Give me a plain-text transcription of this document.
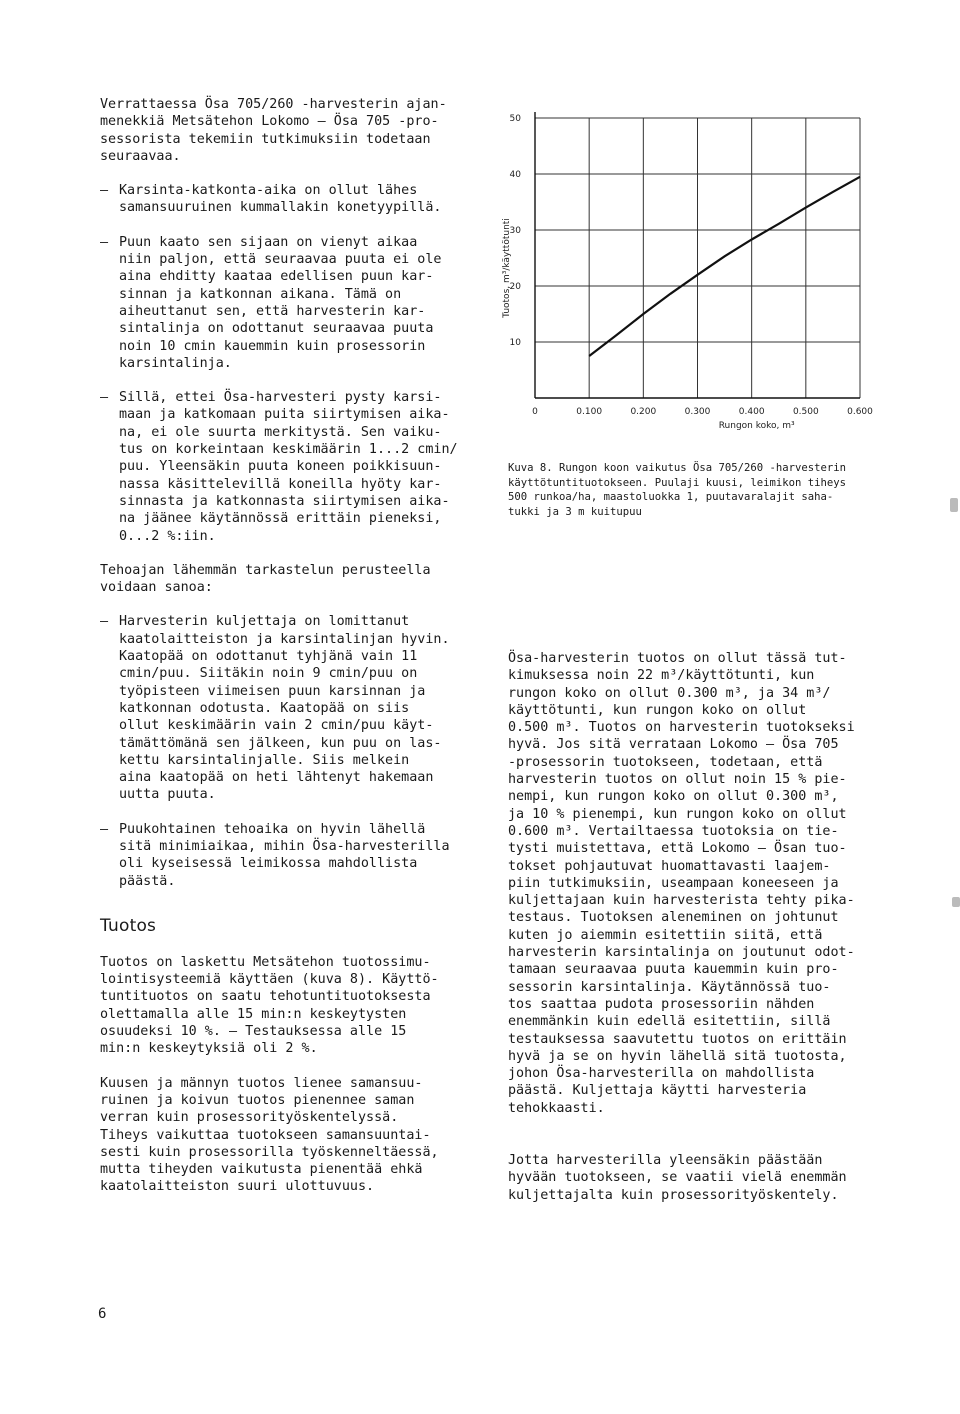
Verrattaessa Ösa 705/260 -harvesterin ajan-
menekkiä Metsätehon Lokomo — Ösa 705 -pro-
sessorista tekemiin tutkimuksiin todetaan
seuraavaa.

— Karsinta-katkonta-aika on ollut lähes
samansuuruinen kummallakin konetyypillä.

— Puun kaato sen sijaan on vienyt aikaa
niin paljon, että seuraavaa puuta ei ole
aina ehditty kaataa edellisen puun kar-
sinnan ja katkonnan aikana. Tämä on
aiheuttanut sen, että harvesterin kar-
sintalinja on odottanut seuraavaa puuta
noin 10 cmin kauemmin kuin prosessorin
karsintalinja.

— Sillä, ettei Ösa-harvesteri pysty karsi-
maan ja katkomaan puita siirtymisen aika-
na, ei ole suurta merkitystä. Sen vaiku-
tus on korkeintaan keskimäärin 1...2 cmin/
puu. Yleensäkin puuta koneen poikkisuun-
nassa käsittelevillä koneilla hyöty kar-
sinnasta ja katkonnasta siirtymisen aika-
na jäänee käytännössä erittäin pieneksi,
0...2 %:iin.

Tehoajan lähemmän tarkastelun perusteella
voidaan sanoa:

— Harvesterin kuljettaja on lomittanut
kaatolaitteiston ja karsintalinjan hyvin.
Kaatopää on odottanut tyhjänä vain 11
cmin/puu. Siitäkin noin 9 cmin/puu on
työpisteen viimeisen puun karsinnan ja
katkonnan odotusta. Kaatopää on siis
ollut keskimäärin vain 2 cmin/puu käyt-
tämättömänä sen jälkeen, kun puu on las-
kettu karsintalinjalle. Siis melkein
aina kaatopää on heti lähtenyt hakemaan
uutta puuta.

— Puukohtainen tehoaika on hyvin lähellä
sitä minimiaikaa, mihin Ösa-harvesterilla
oli kyseisessä leimikossa mahdollista
päästä.

Tuotos

Tuotos on laskettu Metsätehon tuotossimu-
lointisysteemiä käyttäen (kuva 8). Käyttö-
tuntituotos on saatu tehotuntituotoksesta
olettamalla alle 15 min:n keskeytysten
osuudeksi 10 %. — Testauksessa alle 15
min:n keskeytyksiä oli 2 %.

Kuusen ja männyn tuotos lienee samansuu-
ruinen ja koivun tuotos pienennee saman
verran kuin prosessorityöskentelyssä.
Tiheys vaikuttaa tuotokseen samansuuntai-
sesti kuin prosessorilla työskenneltäessä,
mutta tiheyden vaikutusta pienentää ehkä
kaatolaitteiston suuri ulottuvuus.

0	0.100	0.200	0.300	0.400	0.500	0.600
10
20
30
40
50
Rungon koko, m³
Tuotos, m³/käyttötunti

Kuva 8. Rungon koon vaikutus Ösa 705/260 -harvesterin
käyttötuntituotokseen. Puulaji kuusi, leimikon tiheys
500 runkoa/ha, maastoluokka 1, puutavaralajit saha-
tukki ja 3 m kuitupuu

Ösa-harvesterin tuotos on ollut tässä tut-
kimuksessa noin 22 m³/käyttötunti, kun
rungon koko on ollut 0.300 m³, ja 34 m³/
käyttötunti, kun rungon koko on ollut
0.500 m³. Tuotos on harvesterin tuotokseksi
hyvä. Jos sitä verrataan Lokomo — Ösa 705
-prosessorin tuotokseen, todetaan, että
harvesterin tuotos on ollut noin 15 % pie-
nempi, kun rungon koko on ollut 0.300 m³,
ja 10 % pienempi, kun rungon koko on ollut
0.600 m³. Vertailtaessa tuotoksia on tie-
tysti muistettava, että Lokomo — Ösan tuo-
tokset pohjautuvat huomattavasti laajem-
piin tutkimuksiin, useampaan koneeseen ja
kuljettajaan kuin harvesterista tehty pika-
testaus. Tuotoksen aleneminen on johtunut
kuten jo aiemmin esitettiin siitä, että
harvesterin karsintalinja on joutunut odot-
tamaan seuraavaa puuta kauemmin kuin pro-
sessorin karsintalinja. Käytännössä tuo-
tos saattaa pudota prosessoriin nähden
enemmänkin kuin edellä esitettiin, sillä
testauksessa saavutettu tuotos on erittäin
hyvä ja se on hyvin lähellä sitä tuotosta,
johon Ösa-harvesterilla on mahdollista
päästä. Kuljettaja käytti harvesteria
tehokkaasti.

Jotta harvesterilla yleensäkin päästään
hyvään tuotokseen, se vaatii vielä enemmän
kuljettajalta kuin prosessorityöskentely.

6
